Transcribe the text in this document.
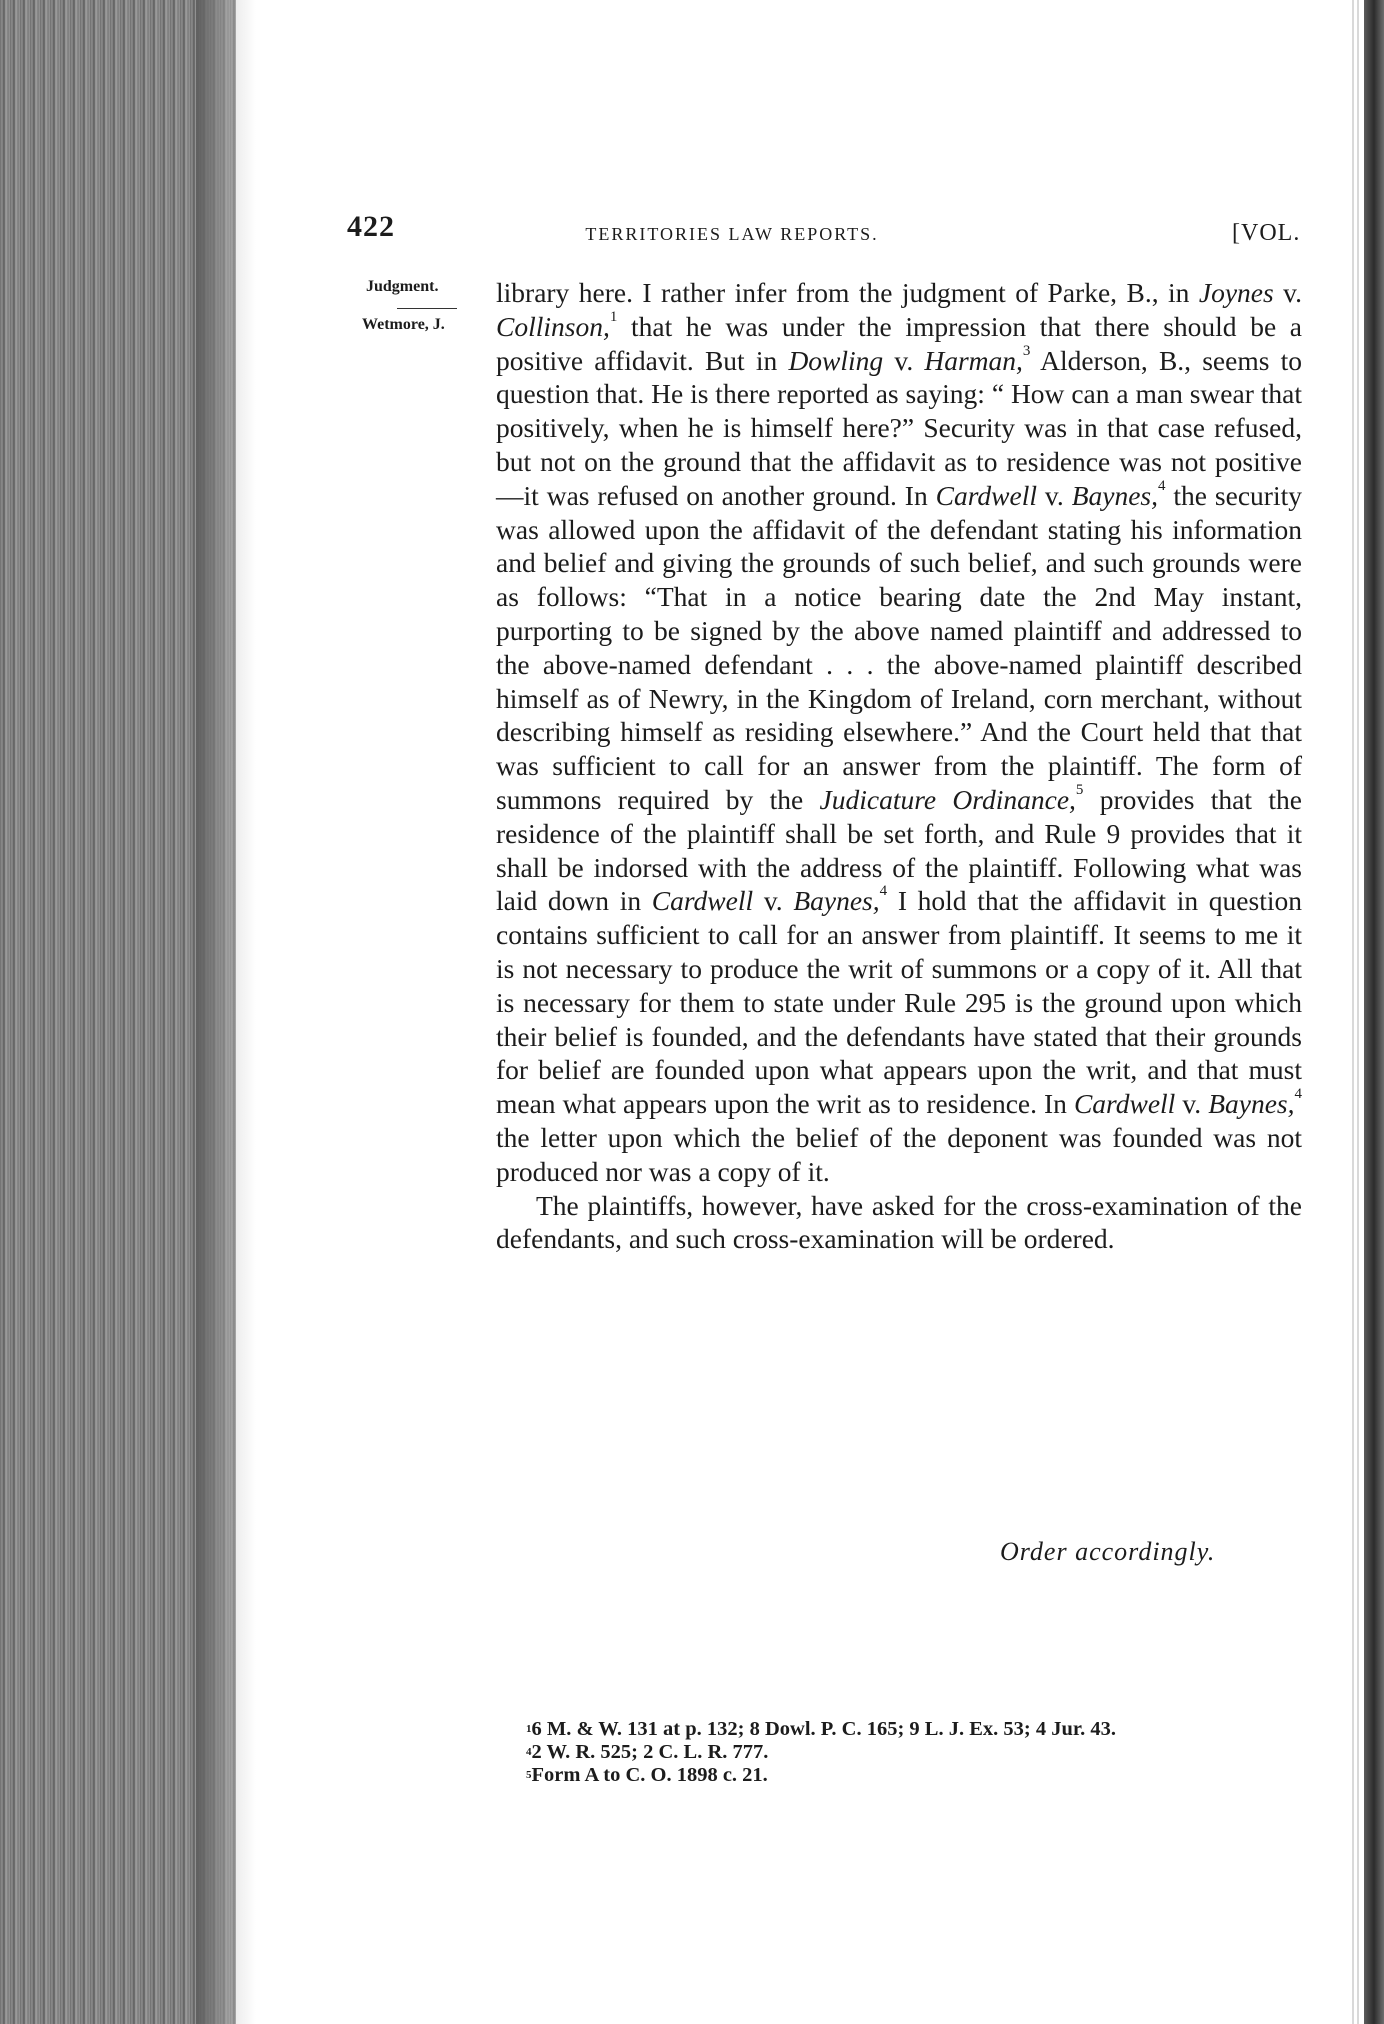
422	TERRITORIES LAW REPORTS.	[VOL.
Judgment.
Wetmore, J.

library here. I rather infer from the judgment of Parke, B., in Joynes v. Collinson,$^1$ that he was under the impression that there should be a positive affidavit. But in Dowling v. Harman,$^3$ Alderson, B., seems to question that. He is there reported as saying: “ How can a man swear that positively, when he is himself here?” Security was in that case refused, but not on the ground that the affidavit as to residence was not positive—it was refused on another ground. In Cardwell v. Baynes,$^4$ the security was allowed upon the affidavit of the defendant stating his information and belief and giving the grounds of such belief, and such grounds were as follows: “That in a notice bearing date the 2nd May instant, purporting to be signed by the above named plaintiff and addressed to the above-named defendant . . . the above-named plaintiff described himself as of Newry, in the Kingdom of Ireland, corn merchant, without describing himself as residing elsewhere.” And the Court held that that was sufficient to call for an answer from the plaintiff. The form of summons required by the Judicature Ordinance,$^5$ provides that the residence of the plaintiff shall be set forth, and Rule 9 provides that it shall be indorsed with the address of the plaintiff. Following what was laid down in Cardwell v. Baynes,$^4$ I hold that the affidavit in question contains sufficient to call for an answer from plaintiff. It seems to me it is not necessary to produce the writ of summons or a copy of it. All that is necessary for them to state under Rule 295 is the ground upon which their belief is founded, and the defendants have stated that their grounds for belief are founded upon what appears upon the writ, and that must mean what appears upon the writ as to residence. In Cardwell v. Baynes,$^4$ the letter upon which the belief of the deponent was founded was not produced nor was a copy of it.

The plaintiffs, however, have asked for the cross-examination of the defendants, and such cross-examination will be ordered.

Order accordingly.

$^1$6 M. & W. 131 at p. 132; 8 Dowl. P. C. 165; 9 L. J. Ex. 53; 4 Jur. 43.

$^4$2 W. R. 525; 2 C. L. R. 777.

$^5$Form A to C. O. 1898 c. 21.
